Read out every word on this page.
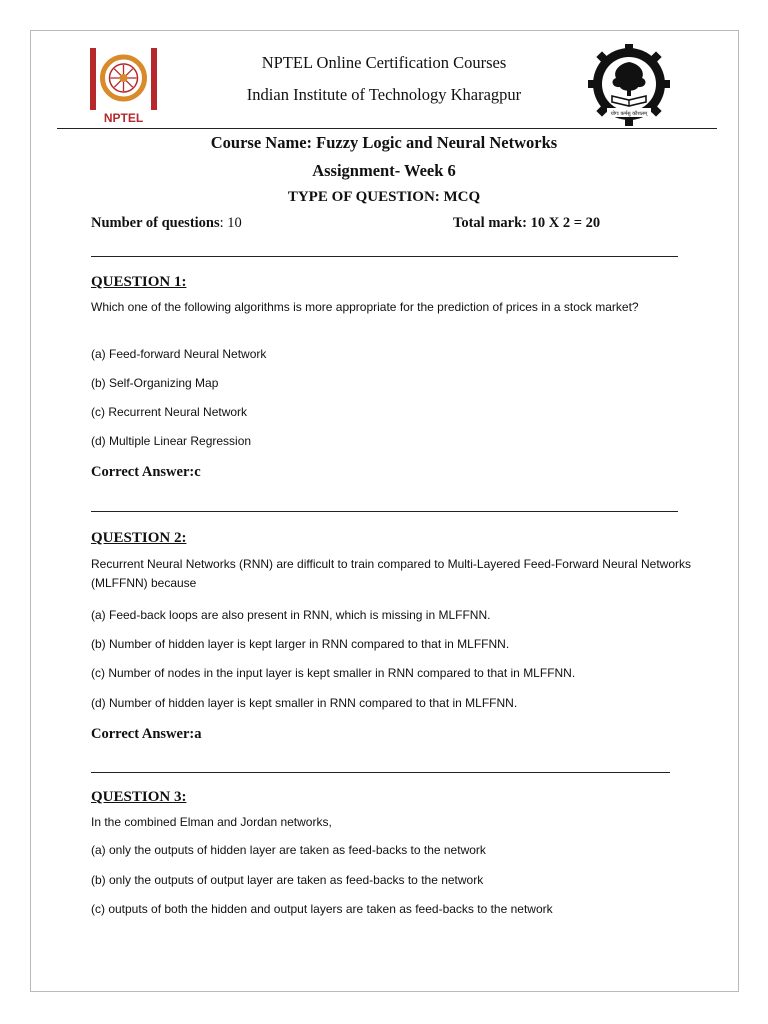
NPTEL
NPTEL Online Certification Courses
Indian Institute of Technology Kharagpur
योगः कर्मसु कौशलम्
Course Name: Fuzzy Logic and Neural Networks
Assignment- Week 6
TYPE OF QUESTION: MCQ
Number of questions: 10	Total mark: 10 X 2 = 20
QUESTION 1:
Which one of the following algorithms is more appropriate for the prediction of prices in a stock market?
(a) Feed-forward Neural Network
(b) Self-Organizing Map
(c) Recurrent Neural Network
(d) Multiple Linear Regression
Correct Answer:c
QUESTION 2:
Recurrent Neural Networks (RNN) are difficult to train compared to Multi-Layered Feed-Forward Neural Networks (MLFFNN) because
(a) Feed-back loops are also present in RNN, which is missing in MLFFNN.
(b) Number of hidden layer is kept larger in RNN compared to that in MLFFNN.
(c) Number of nodes in the input layer is kept smaller in RNN compared to that in MLFFNN.
(d) Number of hidden layer is kept smaller in RNN compared to that in MLFFNN.
Correct Answer:a
QUESTION 3:
In the combined Elman and Jordan networks,
(a) only the outputs of hidden layer are taken as feed-backs to the network
(b) only the outputs of output layer are taken as feed-backs to the network
(c) outputs of both the hidden and output layers are taken as feed-backs to the network
